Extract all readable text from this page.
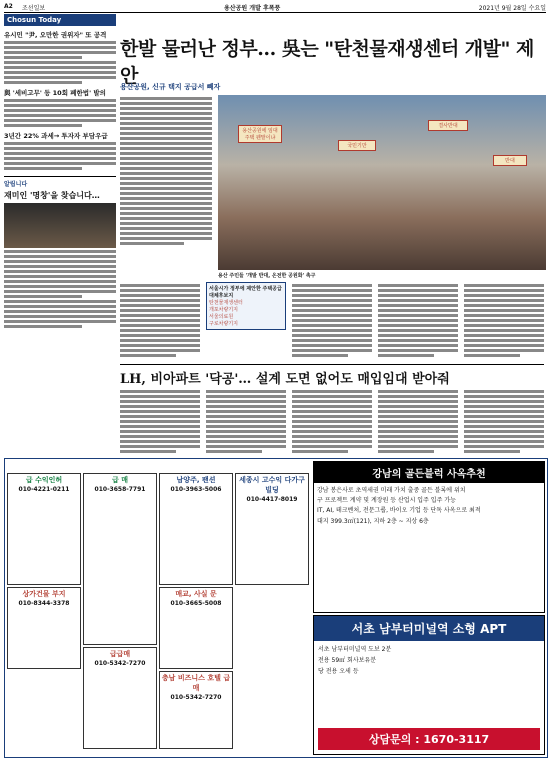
A2 조선일보	용산공원 개발 후폭풍	2021년 9월 28일 수요일
Chosun Today
유시민 "尹, 오만한 권위자" 또 공격
與 '세비고무' 등 10회 폐한법' 발의
3년간 22% 과세→ 투자자 부담우급
알립니다
재미인 '명창'을 찾습니다…
한발 물러난 정부… 吳는 "탄천물재생센터 개발" 제안
용산공원, 신규 택지 공급서 빼자
용산공원에 임대주택 웬말이냐
국민기만
결사반대
반대
용산 주민들 '개발 반대, 온전한 공원화' 촉구
서울시가 정부에 제안한 주택공급 대체후보지
탄천물재생센터
개포차량기지
서울의료원
구로차량기지
LH, 비아파트 '닥공'… 설계 도면 없어도 매입임대 받아줘
급 수익인허
010-4221-0211
상가건물 부지
010-8344-3378
급 매
010-3658-7791
남양주, 팬션
010-3963-5006
매교, 사실 문
010-3665-5008
세종시 고수익 다가구 빌딩
010-4417-8019
급급매
010-5342-7270
충남 비즈니스 호텔 급매
010-5342-7270
강남의 골든블럭 사옥추천
강남 봉은사로 초역세권 미래 가치 출중 골든 블록에 위치
구 프로젝트 계약 및 계장원 등 산업시 입주 입주 가능
IT, AI, 테크벤처, 전문그룹, 바이오 기업 등 단독 사옥으로 최적
대지 399.3㎡(121), 지하 2층 ~ 지상 6층
서초 남부터미널역 소형 APT
서초 남부터미널역 도보 2분
전용 59㎡ 회사보유분
당 전용 오세 등
상담문의 : 1670-3117
